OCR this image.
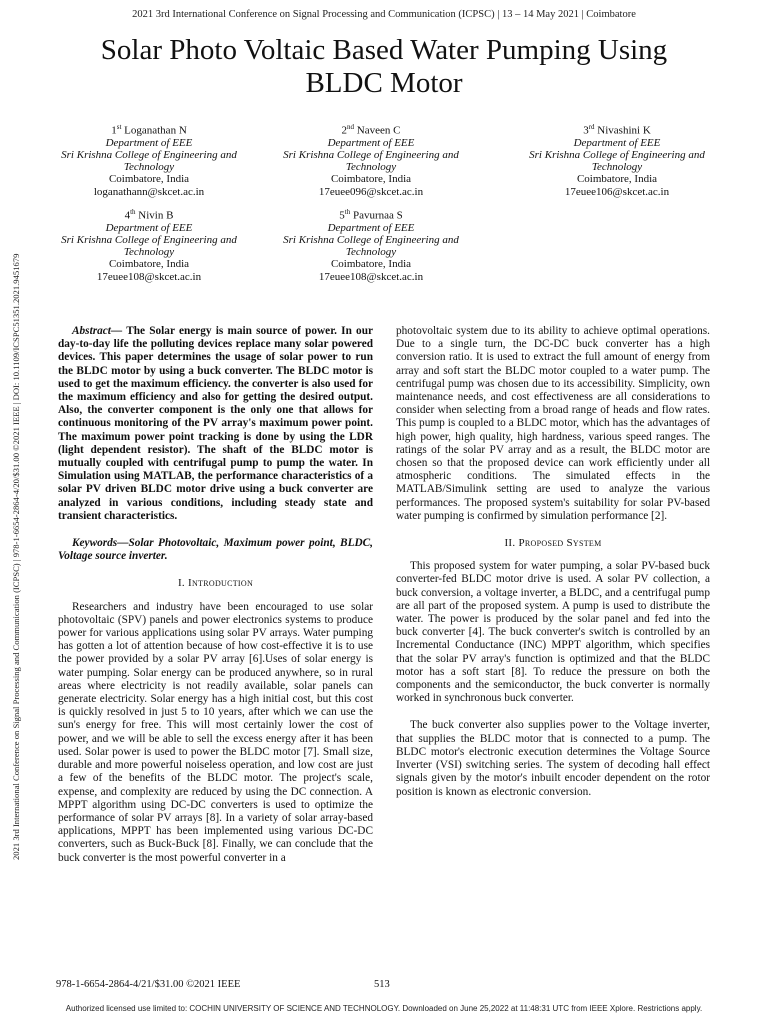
2021 3rd International Conference on Signal Processing and Communication (ICPSC) | 13 – 14 May 2021 | Coimbatore
2021 3rd International Conference on Signal Processing and Communication (ICPSC) | 978-1-6654-2864-4/20/$31.00 ©2021 IEEE | DOI: 10.1109/ICSPC51351.2021.9451679
Solar Photo Voltaic Based Water Pumping Using
BLDC Motor
1st Loganathan N
Department of EEE
Sri Krishna College of Engineering and
Technology
Coimbatore, India
loganathann@skcet.ac.in
2nd Naveen C
Department of EEE
Sri Krishna College of Engineering and
Technology
Coimbatore, India
17euee096@skcet.ac.in
3rd Nivashini K
Department of EEE
Sri Krishna College of Engineering and
Technology
Coimbatore, India
17euee106@skcet.ac.in
4th Nivin B
Department of EEE
Sri Krishna College of Engineering and
Technology
Coimbatore, India
17euee108@skcet.ac.in
5th Pavurnaa S
Department of EEE
Sri Krishna College of Engineering and
Technology
Coimbatore, India
17euee108@skcet.ac.in

Abstract— The Solar energy is main source of power. In our day-to-day life the polluting devices replace many solar powered devices. This paper determines the usage of solar power to run the BLDC motor by using a buck converter. The BLDC motor is used to get the maximum efficiency. the converter is also used for the maximum efficiency and also for getting the desired output. Also, the converter component is the only one that allows for continuous monitoring of the PV array's maximum power point. The maximum power point tracking is done by using the LDR (light dependent resistor). The shaft of the BLDC motor is mutually coupled with centrifugal pump to pump the water. In Simulation using MATLAB, the performance characteristics of a solar PV driven BLDC motor drive using a buck converter are analyzed in various conditions, including steady state and transient characteristics.

Keywords—Solar Photovoltaic, Maximum power point, BLDC, Voltage source inverter.

I. Introduction

Researchers and industry have been encouraged to use solar photovoltaic (SPV) panels and power electronics systems to produce power for various applications using solar PV arrays. Water pumping has gotten a lot of attention because of how cost-effective it is to use the power provided by a solar PV array [6].Uses of solar energy is water pumping. Solar energy can be produced anywhere, so in rural areas where electricity is not readily available, solar panels can generate electricity. Solar energy has a high initial cost, but this cost is quickly resolved in just 5 to 10 years, after which we can use the sun's energy for free. This will most certainly lower the cost of power, and we will be able to sell the excess energy after it has been used. Solar power is used to power the BLDC motor [7]. Small size, durable and more powerful noiseless operation, and low cost are just a few of the benefits of the BLDC motor. The project's scale, expense, and complexity are reduced by using the DC connection. A MPPT algorithm using DC-DC converters is used to optimize the performance of solar PV arrays [8]. In a variety of solar array-based applications, MPPT has been implemented using various DC-DC converters, such as Buck-Buck [8]. Finally, we can conclude that the buck converter is the most powerful converter in a

photovoltaic system due to its ability to achieve optimal operations. Due to a single turn, the DC-DC buck converter has a high conversion ratio. It is used to extract the full amount of energy from array and soft start the BLDC motor coupled to a water pump. The centrifugal pump was chosen due to its accessibility. Simplicity, own maintenance needs, and cost effectiveness are all considerations to consider when selecting from a broad range of heads and flow rates. This pump is coupled to a BLDC motor, which has the advantages of high power, high quality, high hardness, various speed ranges. The ratings of the solar PV array and as a result, the BLDC motor are chosen so that the proposed device can work efficiently under all atmospheric conditions. The simulated effects in the MATLAB/Simulink setting are used to analyze the various performances. The proposed system's suitability for solar PV-based water pumping is confirmed by simulation performance [2].

II. Proposed System

This proposed system for water pumping, a solar PV-based buck converter-fed BLDC motor drive is used. A solar PV collection, a buck conversion, a voltage inverter, a BLDC, and a centrifugal pump are all part of the proposed system. A pump is used to distribute the water. The power is produced by the solar panel and fed into the buck converter [4]. The buck converter's switch is controlled by an Incremental Conductance (INC) MPPT algorithm, which specifies that the solar PV array's function is optimized and that the BLDC motor has a soft start [8]. To reduce the pressure on both the components and the semiconductor, the buck converter is normally worked in synchronous buck converter.

The buck converter also supplies power to the Voltage inverter, that supplies the BLDC motor that is connected to a pump. The BLDC motor's electronic execution determines the Voltage Source Inverter (VSI) switching series. The system of decoding hall effect signals given by the motor's inbuilt encoder dependent on the rotor position is known as electronic conversion.

978-1-6654-2864-4/21/$31.00 ©2021 IEEE	513
Authorized licensed use limited to: COCHIN UNIVERSITY OF SCIENCE AND TECHNOLOGY. Downloaded on June 25,2022 at 11:48:31 UTC from IEEE Xplore. Restrictions apply.
